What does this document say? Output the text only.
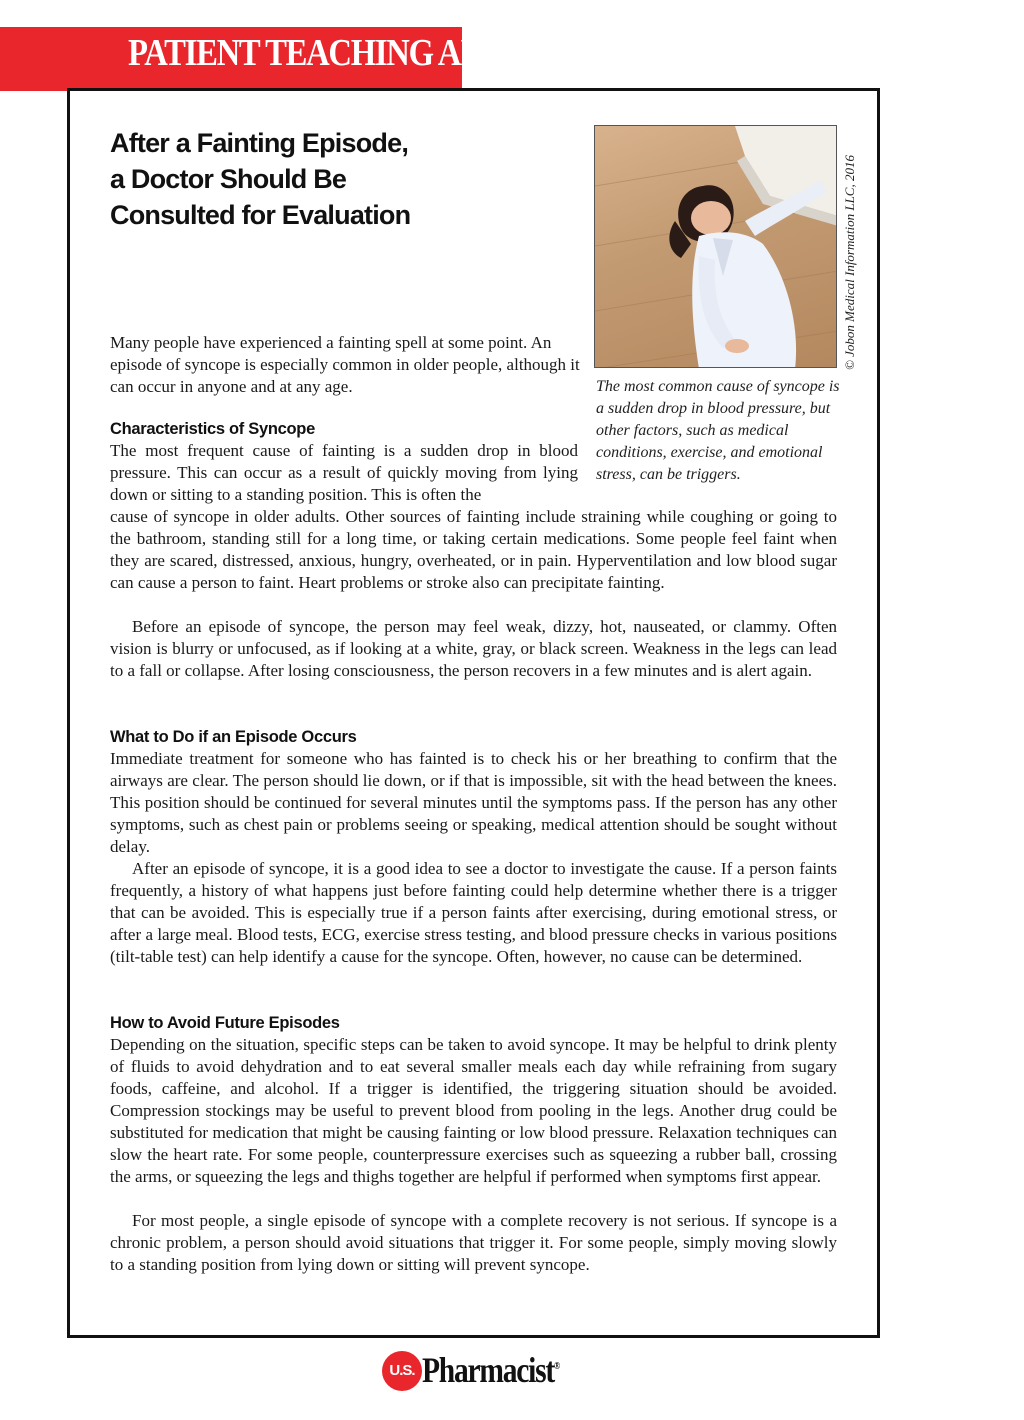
PATIENT TEACHING AID
After a Fainting Episode,
a Doctor Should Be
Consulted for Evaluation	© Jobon Medical Information LLC, 2016

The most common cause of syncope is a sudden drop in blood pressure, but other factors, such as medical conditions, exercise, and emotional stress, can be triggers.

Many people have experienced a fainting spell at some point. An episode of syncope is especially common in older people, although it can occur in anyone and at any age.

Characteristics of Syncope

The most frequent cause of fainting is a sudden drop in blood pressure. This can occur as a result of quickly moving from lying down or sitting to a standing position. This is often the

cause of syncope in older adults. Other sources of fainting include straining while coughing or going to the bathroom, standing still for a long time, or taking certain medications. Some people feel faint when they are scared, distressed, anxious, hungry, overheated, or in pain. Hyperventilation and low blood sugar can cause a person to faint. Heart problems or stroke also can precipitate fainting.

Before an episode of syncope, the person may feel weak, dizzy, hot, nauseated, or clammy. Often vision is blurry or unfocused, as if looking at a white, gray, or black screen. Weakness in the legs can lead to a fall or collapse. After losing consciousness, the person recovers in a few minutes and is alert again.

What to Do if an Episode Occurs

Immediate treatment for someone who has fainted is to check his or her breathing to confirm that the airways are clear. The person should lie down, or if that is impossible, sit with the head between the knees. This position should be continued for several minutes until the symptoms pass. If the person has any other symptoms, such as chest pain or problems seeing or speaking, medical attention should be sought without delay.

After an episode of syncope, it is a good idea to see a doctor to investigate the cause. If a person faints frequently, a history of what happens just before fainting could help determine whether there is a trigger that can be avoided. This is especially true if a person faints after exercising, during emotional stress, or after a large meal. Blood tests, ECG, exercise stress testing, and blood pressure checks in various positions (tilt-table test) can help identify a cause for the syncope. Often, however, no cause can be determined.

How to Avoid Future Episodes

Depending on the situation, specific steps can be taken to avoid syncope. It may be helpful to drink plenty of fluids to avoid dehydration and to eat several smaller meals each day while refraining from sugary foods, caffeine, and alcohol. If a trigger is identified, the triggering situation should be avoided. Compression stockings may be useful to prevent blood from pooling in the legs. Another drug could be substituted for medication that might be causing fainting or low blood pressure. Relaxation techniques can slow the heart rate. For some people, counterpressure exercises such as squeezing a rubber ball, crossing the arms, or squeezing the legs and thighs together are helpful if performed when symptoms first appear.

For most people, a single episode of syncope with a complete recovery is not serious. If syncope is a chronic problem, a person should avoid situations that trigger it. For some people, simply moving slowly to a standing position from lying down or sitting will prevent syncope.

U.S. Pharmacist®
